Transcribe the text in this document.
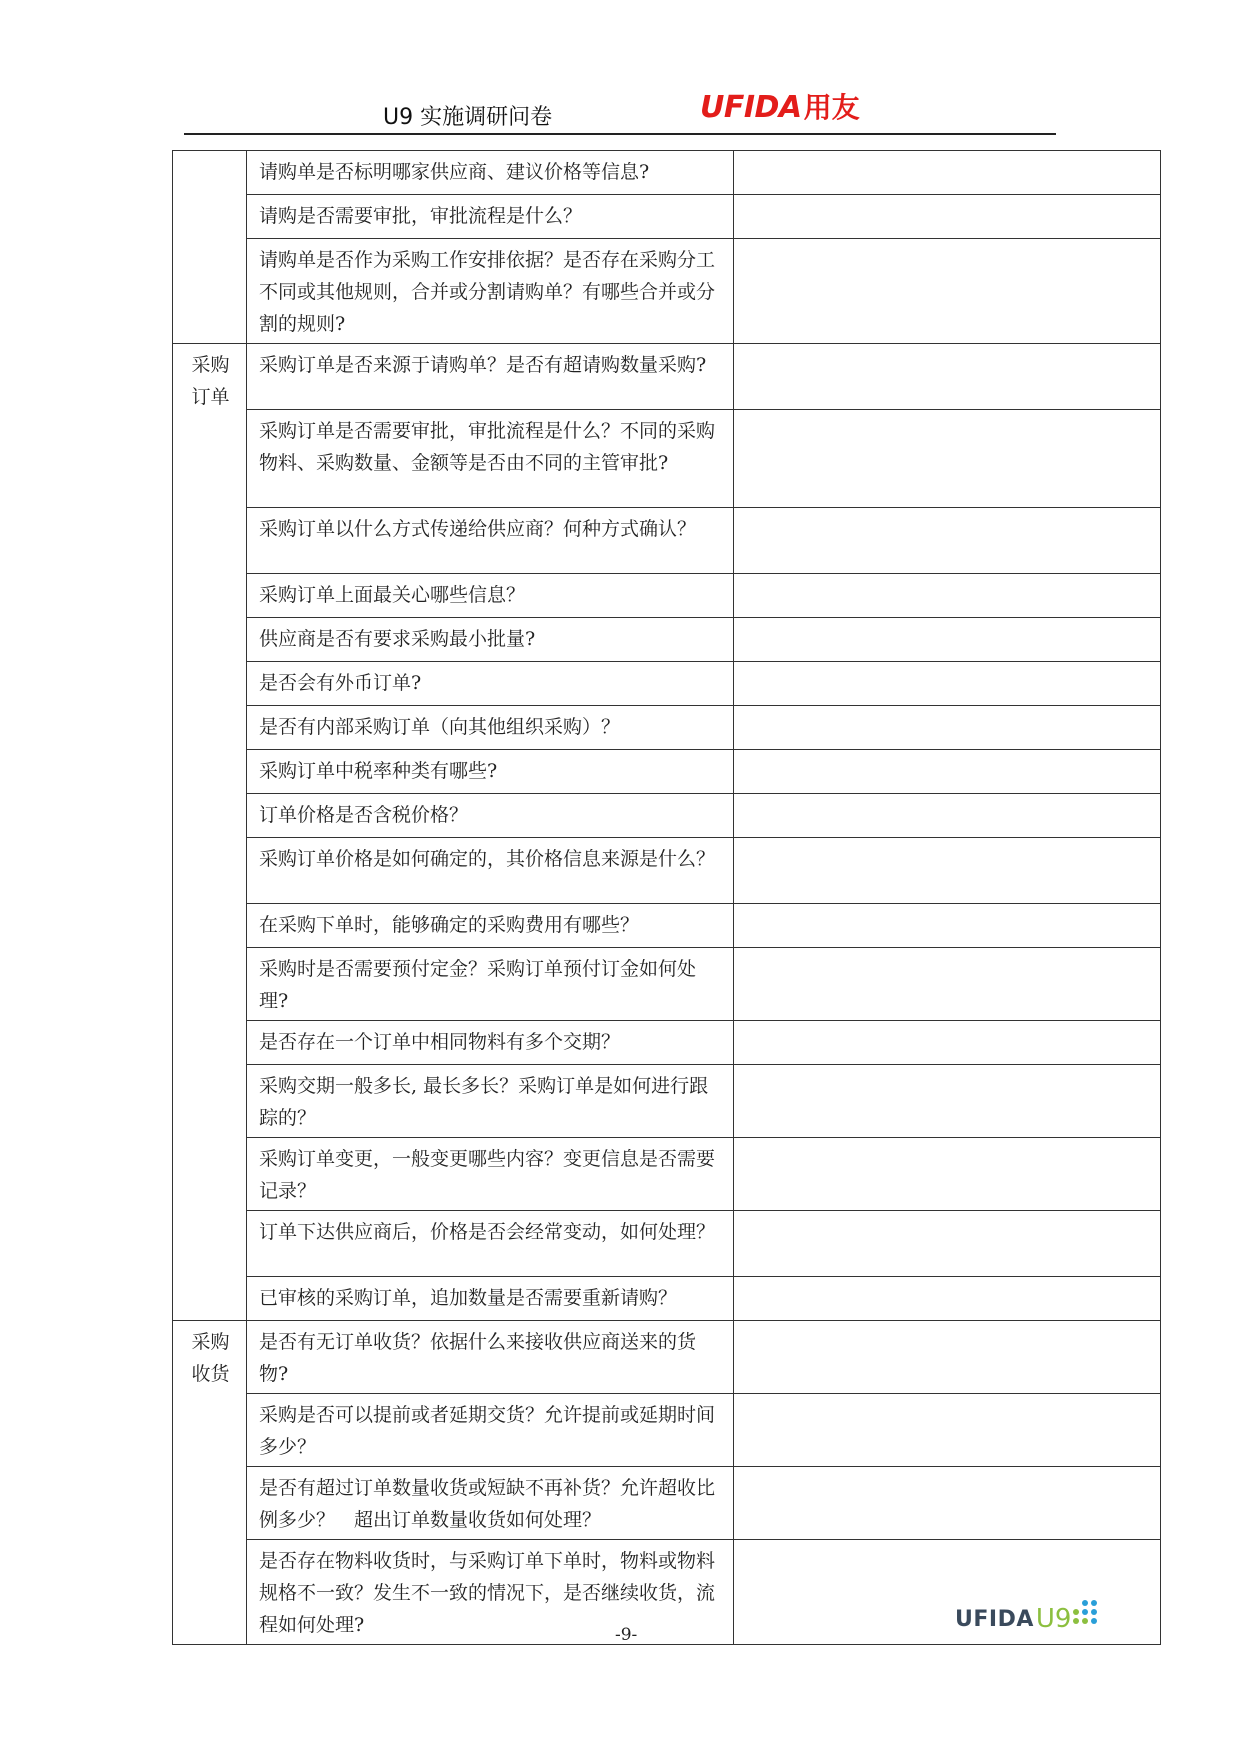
U9 实施调研问卷	UFIDA 用友
	请购单是否标明哪家供应商、建议价格等信息?	
	请购是否需要审批，审批流程是什么？	
	请购单是否作为采购工作安排依据？是否存在采购分工不同或其他规则，合并或分割请购单？有哪些合并或分割的规则?	
采购订单	采购订单是否来源于请购单？是否有超请购数量采购?	
	采购订单是否需要审批，审批流程是什么？不同的采购物料、采购数量、金额等是否由不同的主管审批?	
	采购订单以什么方式传递给供应商？何种方式确认？	
	采购订单上面最关心哪些信息？	
	供应商是否有要求采购最小批量?	
	是否会有外币订单?	
	是否有内部采购订单（向其他组织采购）？	
	采购订单中税率种类有哪些?	
	订单价格是否含税价格？	
	采购订单价格是如何确定的，其价格信息来源是什么？	
	在采购下单时，能够确定的采购费用有哪些？	
	采购时是否需要预付定金？采购订单预付订金如何处理?	
	是否存在一个订单中相同物料有多个交期？	
	采购交期一般多长, 最长多长？采购订单是如何进行跟踪的？	
	采购订单变更，一般变更哪些内容？变更信息是否需要记录？	
	订单下达供应商后，价格是否会经常变动，如何处理？	
	已审核的采购订单，追加数量是否需要重新请购？	
采购收货	是否有无订单收货？依据什么来接收供应商送来的货物?	
	采购是否可以提前或者延期交货？允许提前或延期时间多少？	
	是否有超过订单数量收货或短缺不再补货？允许超收比例多少？　超出订单数量收货如何处理？	
	是否存在物料收货时，与采购订单下单时，物料或物料规格不一致？发生不一致的情况下，是否继续收货，流程如何处理?		-9-
UFIDA U9
